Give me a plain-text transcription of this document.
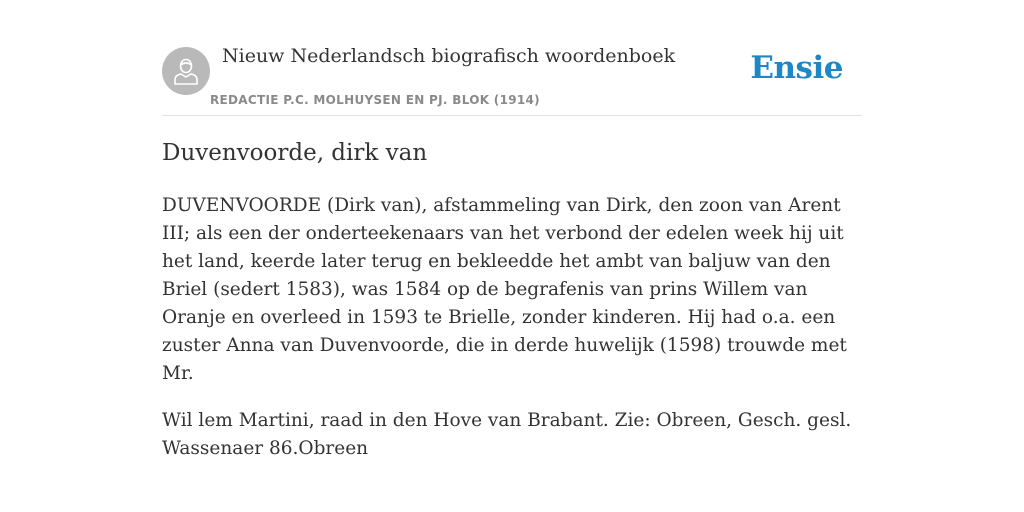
Nieuw Nederlandsch biografisch woordenboek
REDACTIE P.C. MOLHUYSEN EN PJ. BLOK (1914)
Ensie
Duvenvoorde, dirk van

DUVENVOORDE (Dirk van), afstammeling van Dirk, den zoon van Arent III; als een der onderteekenaars van het verbond der edelen week hij uit het land, keerde later terug en bekleedde het ambt van baljuw van den Briel (sedert 1583), was 1584 op de begrafenis van prins Willem van Oranje en overleed in 1593 te Brielle, zonder kinderen. Hij had o.a. een zuster Anna van Duvenvoorde, die in derde huwelijk (1598) trouwde met Mr.

Wil lem Martini, raad in den Hove van Brabant. Zie: Obreen, Gesch. gesl. Wassenaer 86.Obreen
